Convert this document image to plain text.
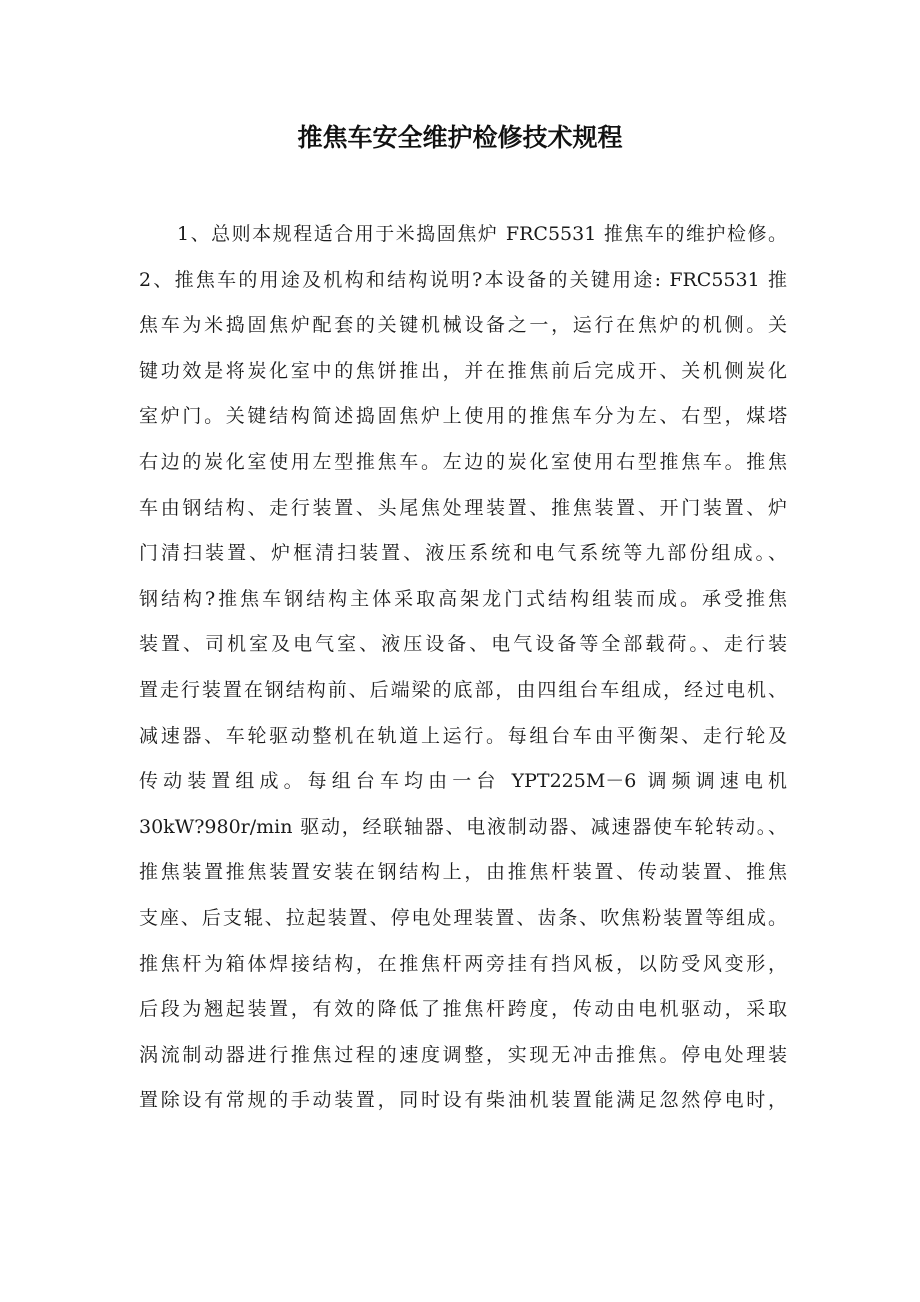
推焦车安全维护检修技术规程
1、总则本规程适合用于米捣固焦炉 FRC5531 推焦车的维护检修。
2、推焦车的用途及机构和结构说明?本设备的关键用途: FRC5531 推
焦车为米捣固焦炉配套的关键机械设备之一，运行在焦炉的机侧。关
键功效是将炭化室中的焦饼推出，并在推焦前后完成开、关机侧炭化
室炉门。关键结构简述捣固焦炉上使用的推焦车分为左、右型，煤塔
右边的炭化室使用左型推焦车。左边的炭化室使用右型推焦车。推焦
车由钢结构、走行装置、头尾焦处理装置、推焦装置、开门装置、炉
门清扫装置、炉框清扫装置、液压系统和电气系统等九部份组成。、
钢结构?推焦车钢结构主体采取高架龙门式结构组装而成。承受推焦
装置、司机室及电气室、液压设备、电气设备等全部载荷。、走行装
置走行装置在钢结构前、后端梁的底部，由四组台车组成，经过电机、
减速器、车轮驱动整机在轨道上运行。每组台车由平衡架、走行轮及
传动装置组成。每组台车均由一台 YPT225M－6 调频调速电机
30kW?980r/min 驱动，经联轴器、电液制动器、减速器使车轮转动。、
推焦装置推焦装置安装在钢结构上，由推焦杆装置、传动装置、推焦
支座、后支辊、拉起装置、停电处理装置、齿条、吹焦粉装置等组成。
推焦杆为箱体焊接结构，在推焦杆两旁挂有挡风板，以防受风变形，
后段为翘起装置，有效的降低了推焦杆跨度，传动由电机驱动，采取
涡流制动器进行推焦过程的速度调整，实现无冲击推焦。停电处理装
置除设有常规的手动装置，同时设有柴油机装置能满足忽然停电时，
